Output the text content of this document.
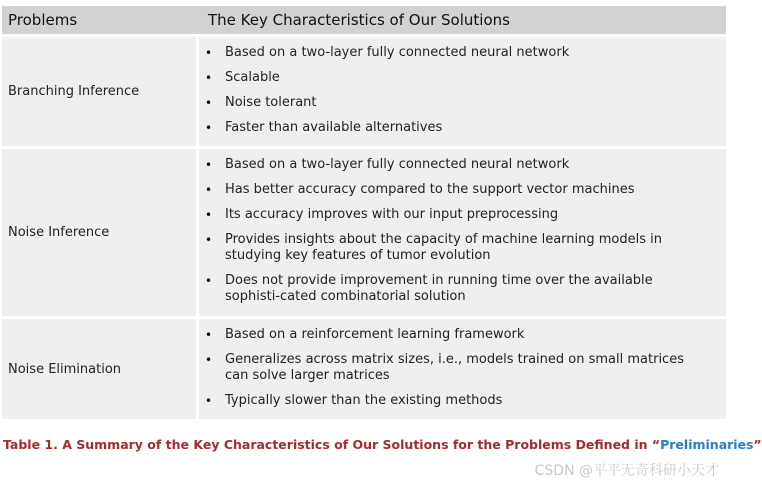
Problems	The Key Characteristics of Our Solutions
Branching Inference
• Based on a two-layer fully connected neural network
• Scalable
• Noise tolerant
• Faster than available alternatives
Noise Inference
• Based on a two-layer fully connected neural network
• Has better accuracy compared to the support vector machines
• Its accuracy improves with our input preprocessing
• Provides insights about the capacity of machine learning models in studying key features of tumor evolution
• Does not provide improvement in running time over the available sophisti-cated combinatorial solution
Noise Elimination
• Based on a reinforcement learning framework
• Generalizes across matrix sizes, i.e., models trained on small matrices can solve larger matrices
• Typically slower than the existing methods
Table 1. A Summary of the Key Characteristics of Our Solutions for the Problems Defined in “Preliminaries”
CSDN @平平无奇科研小天才
